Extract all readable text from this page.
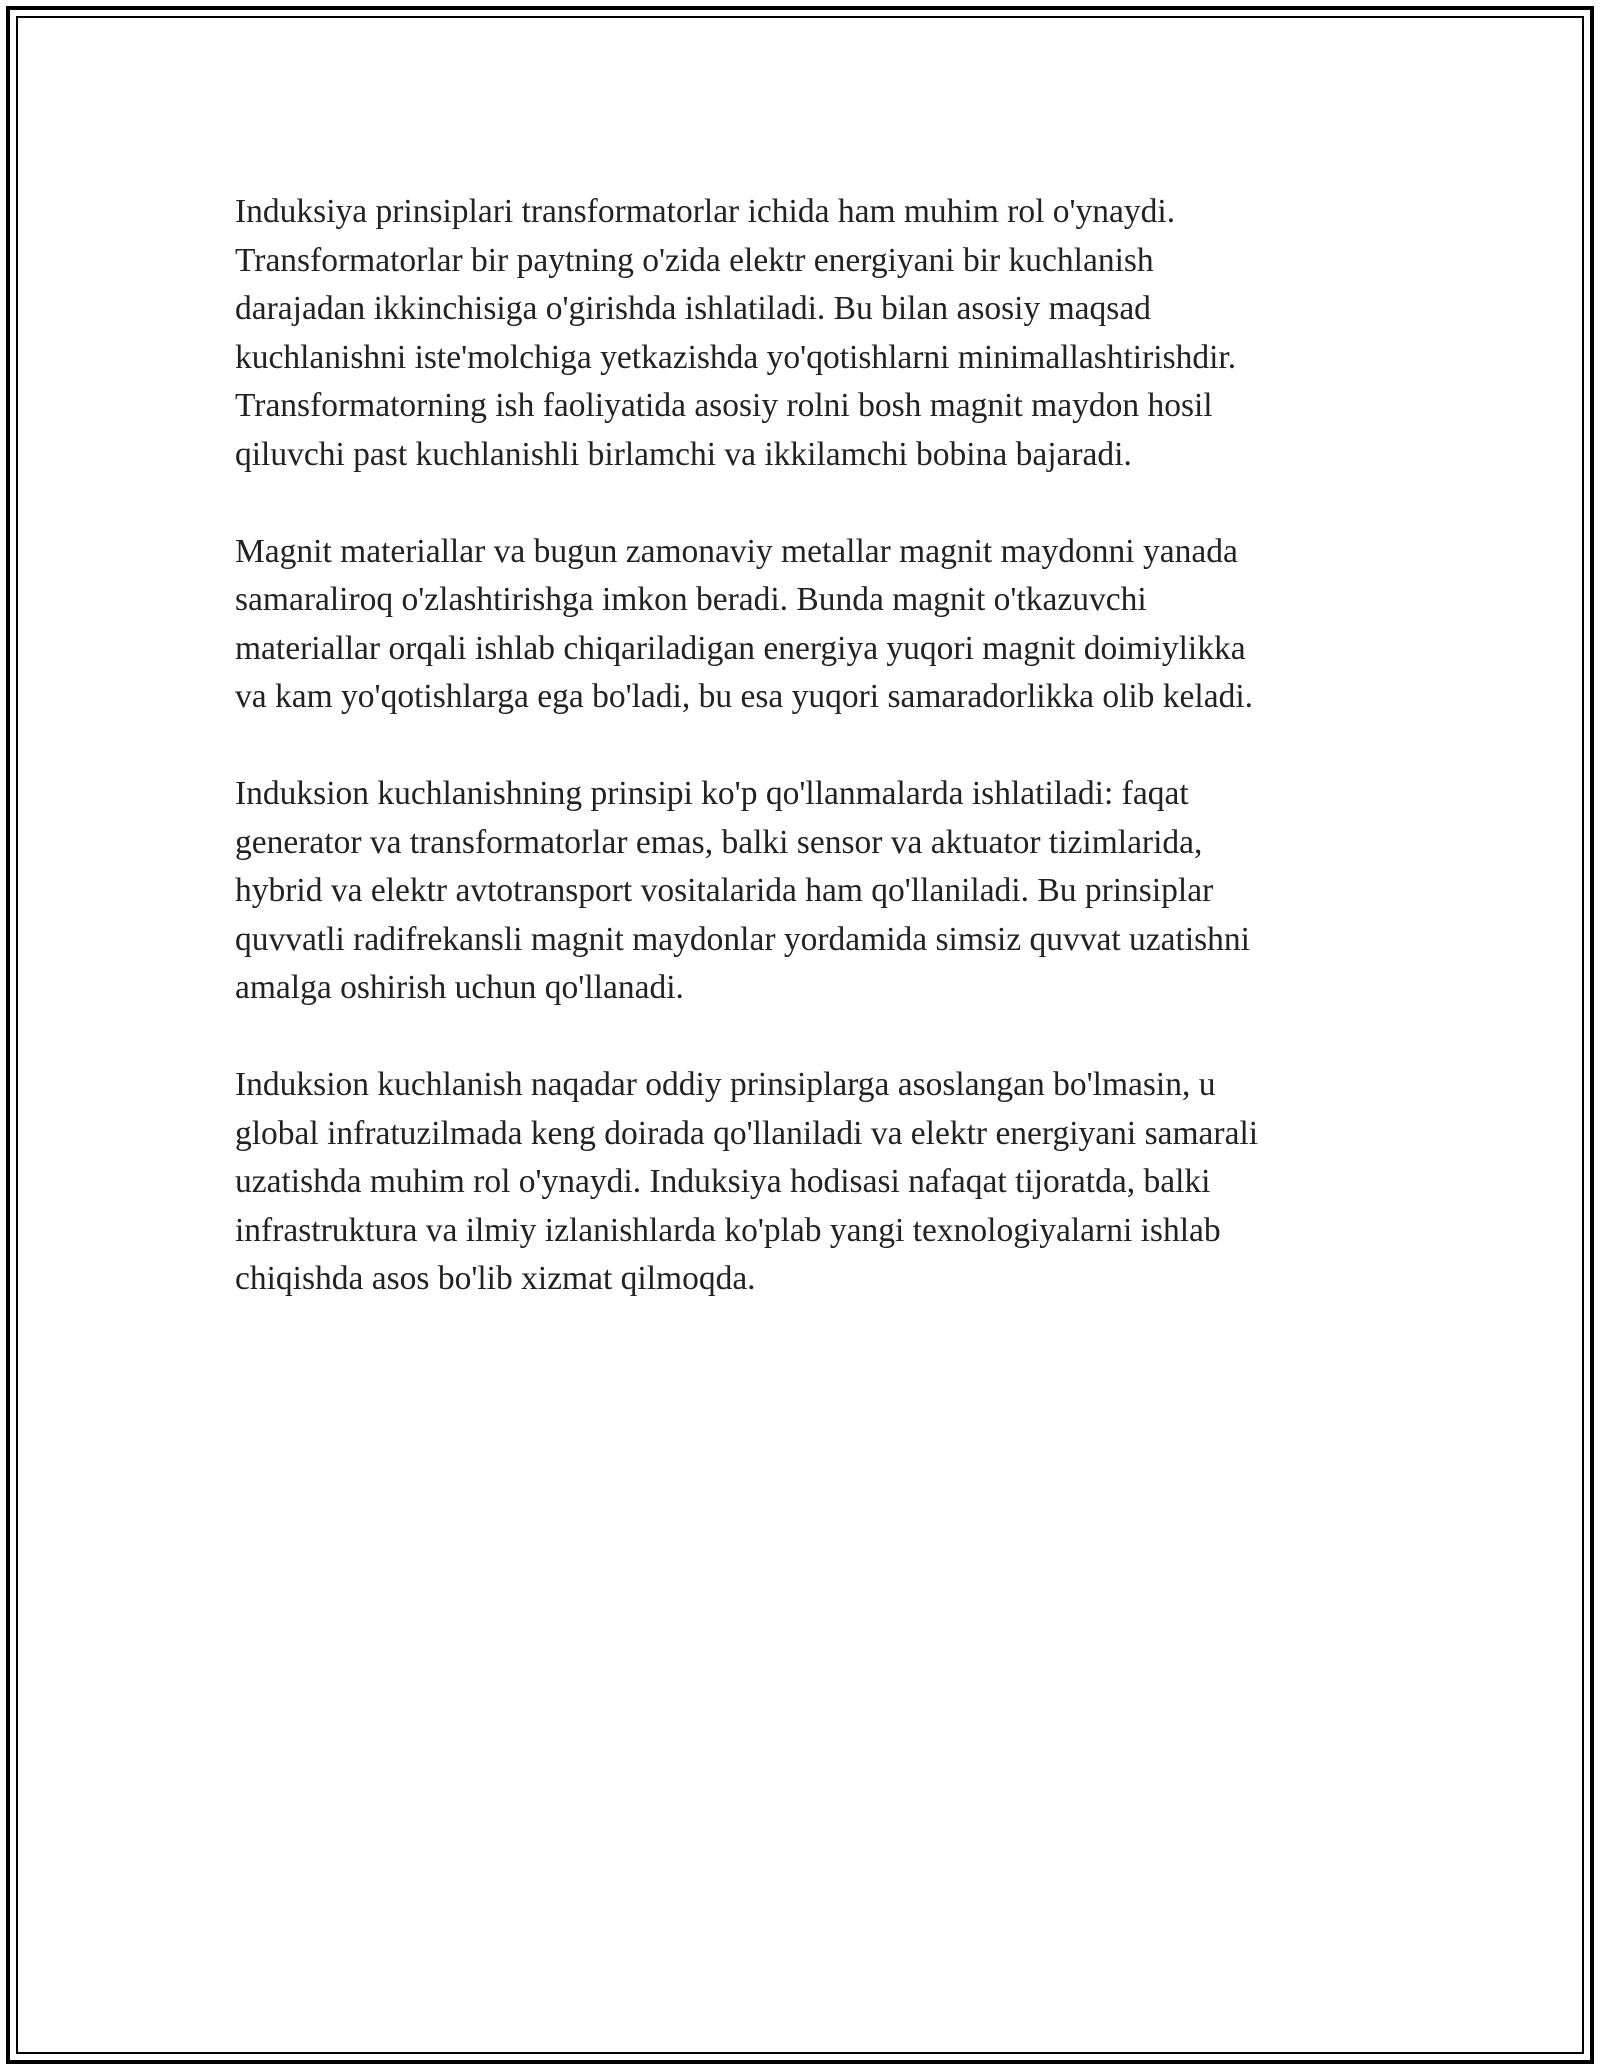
Induksiya prinsiplari transformatorlar ichida ham muhim rol o'ynaydi.
Transformatorlar bir paytning o'zida elektr energiyani bir kuchlanish
darajadan ikkinchisiga o'girishda ishlatiladi. Bu bilan asosiy maqsad
kuchlanishni iste'molchiga yetkazishda yo'qotishlarni minimallashtirishdir.
Transformatorning ish faoliyatida asosiy rolni bosh magnit maydon hosil
qiluvchi past kuchlanishli birlamchi va ikkilamchi bobina bajaradi.

Magnit materiallar va bugun zamonaviy metallar magnit maydonni yanada
samaraliroq o'zlashtirishga imkon beradi. Bunda magnit o'tkazuvchi
materiallar orqali ishlab chiqariladigan energiya yuqori magnit doimiylikka
va kam yo'qotishlarga ega bo'ladi, bu esa yuqori samaradorlikka olib keladi.

Induksion kuchlanishning prinsipi ko'p qo'llanmalarda ishlatiladi: faqat
generator va transformatorlar emas, balki sensor va aktuator tizimlarida,
hybrid va elektr avtotransport vositalarida ham qo'llaniladi. Bu prinsiplar
quvvatli radifrekansli magnit maydonlar yordamida simsiz quvvat uzatishni
amalga oshirish uchun qo'llanadi.

Induksion kuchlanish naqadar oddiy prinsiplarga asoslangan bo'lmasin, u
global infratuzilmada keng doirada qo'llaniladi va elektr energiyani samarali
uzatishda muhim rol o'ynaydi. Induksiya hodisasi nafaqat tijoratda, balki
infrastruktura va ilmiy izlanishlarda ko'plab yangi texnologiyalarni ishlab
chiqishda asos bo'lib xizmat qilmoqda.
